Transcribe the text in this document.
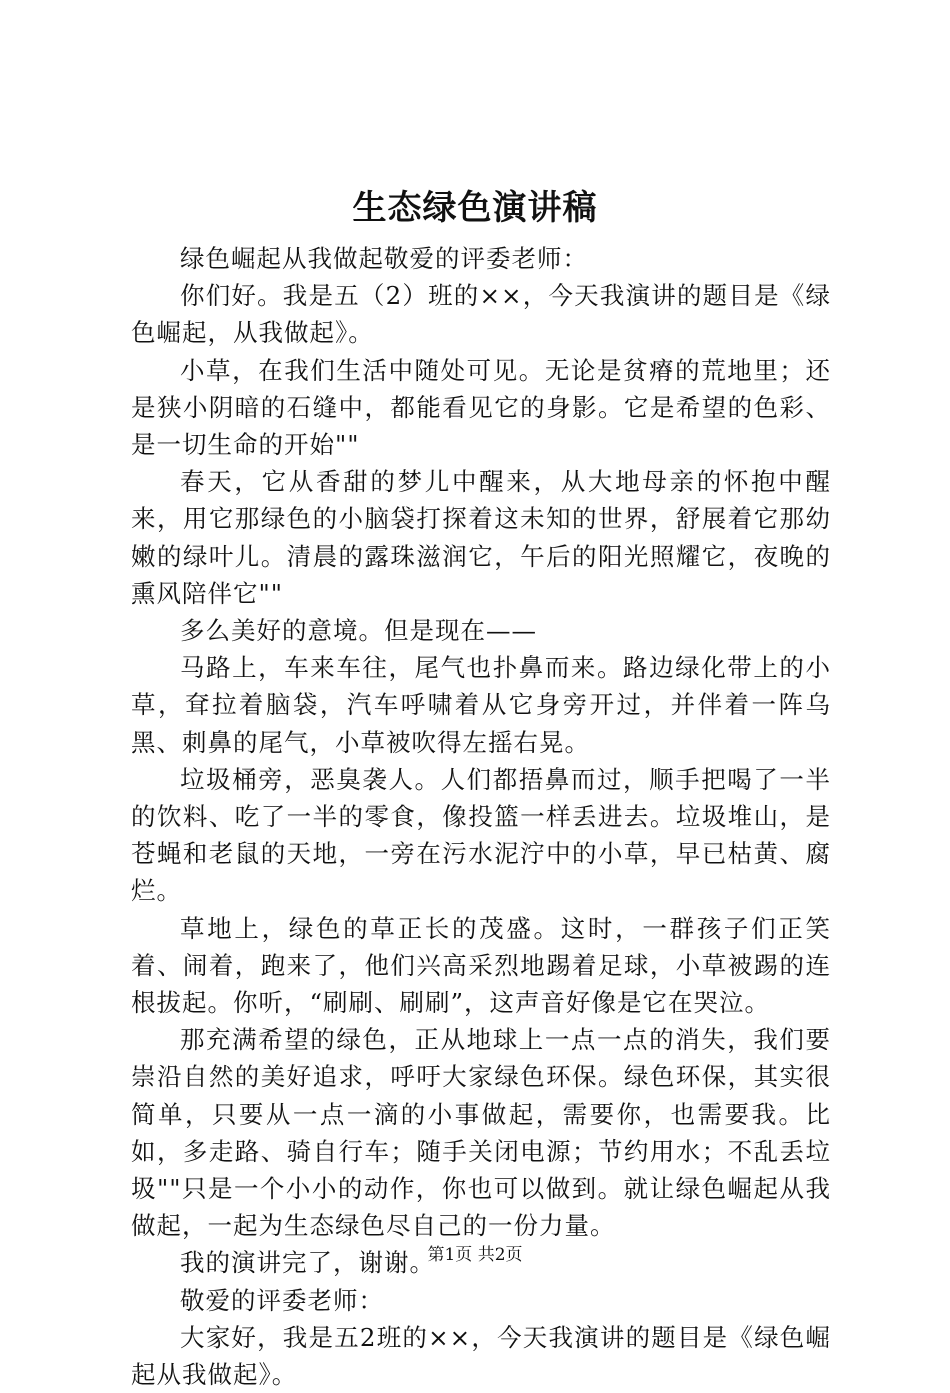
生态绿色演讲稿

绿色崛起从我做起敬爱的评委老师：

你们好。我是五（2）班的××，今天我演讲的题目是《绿色崛起，从我做起》。

小草，在我们生活中随处可见。无论是贫瘠的荒地里；还是狭小阴暗的石缝中，都能看见它的身影。它是希望的色彩、是一切生命的开始""

春天，它从香甜的梦儿中醒来，从大地母亲的怀抱中醒来，用它那绿色的小脑袋打探着这未知的世界，舒展着它那幼嫩的绿叶儿。清晨的露珠滋润它，午后的阳光照耀它，夜晚的熏风陪伴它""

多么美好的意境。但是现在——

马路上，车来车往，尾气也扑鼻而来。路边绿化带上的小草，耷拉着脑袋，汽车呼啸着从它身旁开过，并伴着一阵乌黑、刺鼻的尾气，小草被吹得左摇右晃。

垃圾桶旁，恶臭袭人。人们都捂鼻而过，顺手把喝了一半的饮料、吃了一半的零食，像投篮一样丢进去。垃圾堆山，是苍蝇和老鼠的天地，一旁在污水泥泞中的小草，早已枯黄、腐烂。

草地上，绿色的草正长的茂盛。这时，一群孩子们正笑着、闹着，跑来了，他们兴高采烈地踢着足球，小草被踢的连根拔起。你听，“刷刷、刷刷”，这声音好像是它在哭泣。

那充满希望的绿色，正从地球上一点一点的消失，我们要崇沿自然的美好追求，呼吁大家绿色环保。绿色环保，其实很简单，只要从一点一滴的小事做起，需要你，也需要我。比如，多走路、骑自行车；随手关闭电源；节约用水；不乱丢垃圾""只是一个小小的动作，你也可以做到。就让绿色崛起从我做起，一起为生态绿色尽自己的一份力量。

我的演讲完了，谢谢。

敬爱的评委老师：

大家好，我是五2班的××，今天我演讲的题目是《绿色崛起从我做起》。

第1页 共2页
